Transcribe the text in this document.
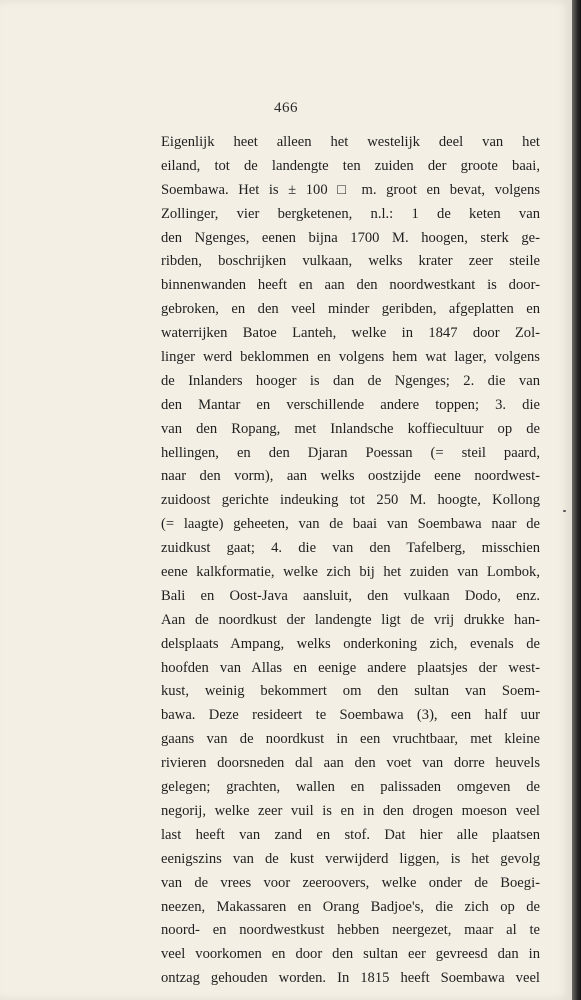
466
Eigenlijk heet alleen het westelijk deel van het
eiland, tot de landengte ten zuiden der groote baai,
Soembawa. Het is ± 100 □ m. groot en bevat, volgens
Zollinger, vier bergketenen, n.l.: 1 de keten van
den Ngenges, eenen bijna 1700 M. hoogen, sterk ge-
ribden, boschrijken vulkaan, welks krater zeer steile
binnenwanden heeft en aan den noordwestkant is door-
gebroken, en den veel minder geribden, afgeplatten en
waterrijken Batoe Lanteh, welke in 1847 door Zol-
linger werd beklommen en volgens hem wat lager, volgens
de Inlanders hooger is dan de Ngenges; 2. die van
den Mantar en verschillende andere toppen; 3. die
van den Ropang, met Inlandsche koffiecultuur op de
hellingen, en den Djaran Poessan (= steil paard,
naar den vorm), aan welks oostzijde eene noordwest-
zuidoost gerichte indeuking tot 250 M. hoogte, Kollong
(= laagte) geheeten, van de baai van Soembawa naar de
zuidkust gaat; 4. die van den Tafelberg, misschien
eene kalkformatie, welke zich bij het zuiden van Lombok,
Bali en Oost-Java aansluit, den vulkaan Dodo, enz.
Aan de noordkust der landengte ligt de vrij drukke han-
delsplaats Ampang, welks onderkoning zich, evenals de
hoofden van Allas en eenige andere plaatsjes der west-
kust, weinig bekommert om den sultan van Soem-
bawa. Deze resideert te Soembawa (3), een half uur
gaans van de noordkust in een vruchtbaar, met kleine
rivieren doorsneden dal aan den voet van dorre heuvels
gelegen; grachten, wallen en palissaden omgeven de
negorij, welke zeer vuil is en in den drogen moeson veel
last heeft van zand en stof. Dat hier alle plaatsen
eenigszins van de kust verwijderd liggen, is het gevolg
van de vrees voor zeeroovers, welke onder de Boegi-
neezen, Makassaren en Orang Badjoe's, die zich op de
noord- en noordwestkust hebben neergezet, maar al te
veel voorkomen en door den sultan eer gevreesd dan in
ontzag gehouden worden. In 1815 heeft Soembawa veel
